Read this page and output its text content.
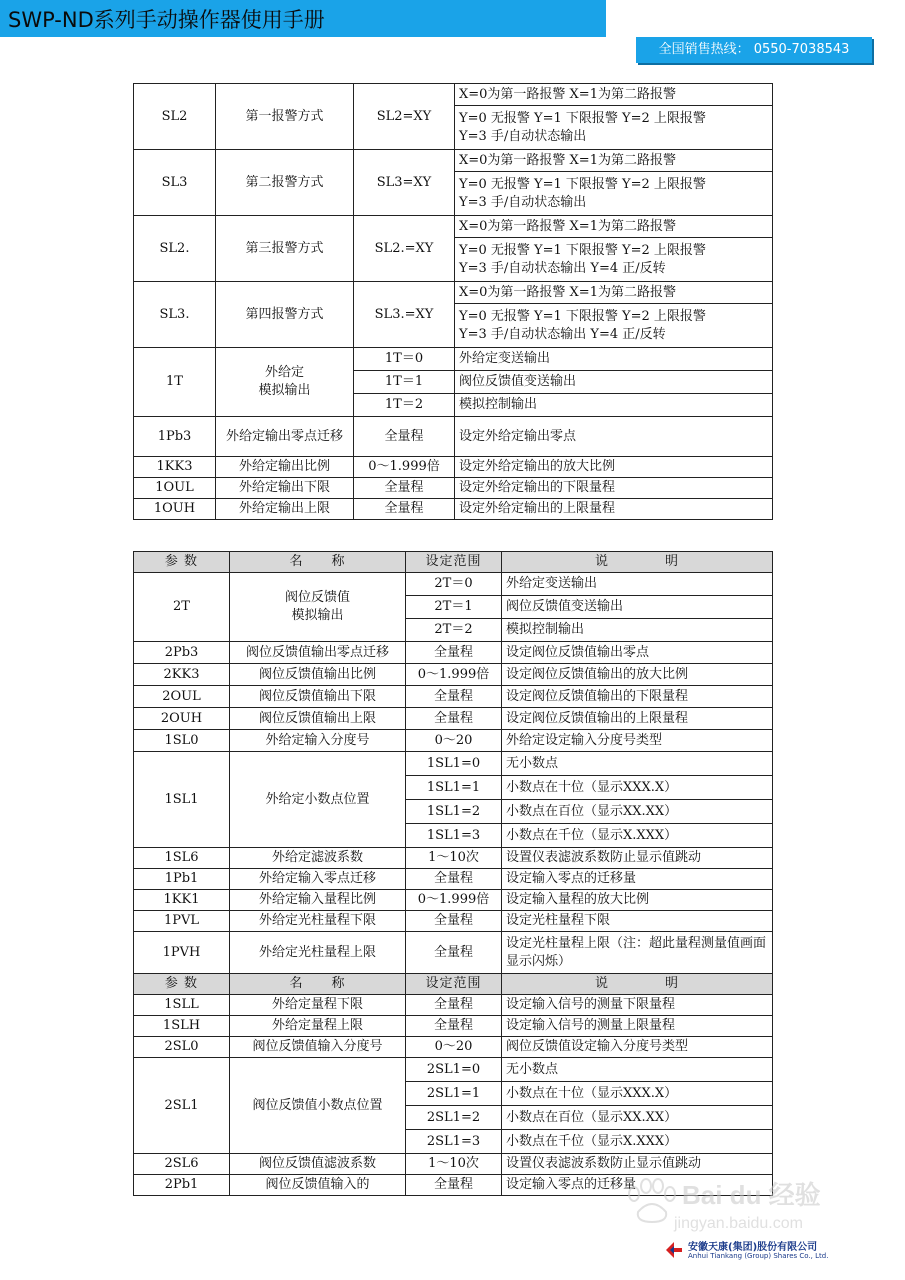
SWP-ND系列手动操作器使用手册
全国销售热线： 0550-7038543
SL2	第一报警方式	SL2=XY	X=0为第一路报警 X=1为第二路报警

			Y=0 无报警 Y=1 下限报警 Y=2 上限报警
Y=3 手/自动状态输出

SL3	第二报警方式	SL3=XY	X=0为第一路报警 X=1为第二路报警

			Y=0 无报警 Y=1 下限报警 Y=2 上限报警
Y=3 手/自动状态输出

SL2.	第三报警方式	SL2.=XY	X=0为第一路报警 X=1为第二路报警

			Y=0 无报警 Y=1 下限报警 Y=2 上限报警
Y=3 手/自动状态输出 Y=4 正/反转

SL3.	第四报警方式	SL3.=XY	X=0为第一路报警 X=1为第二路报警

			Y=0 无报警 Y=1 下限报警 Y=2 上限报警
Y=3 手/自动状态输出 Y=4 正/反转

1T	外给定
模拟输出	1T＝0	外给定变送输出
		1T＝1	阀位反馈值变送输出
		1T＝2	模拟控制输出
1Pb3	外给定输出零点迁移	全量程	设定外给定输出零点
1KK3	外给定输出比例	0～1.999倍	设定外给定输出的放大比例
1OUL	外给定输出下限	全量程	设定外给定输出的下限量程
1OUH	外给定输出上限	全量程	设定外给定输出的上限量程
参 数	名　　称	设定范围	说　　　　明
2T	阀位反馈值
模拟输出	2T＝0	外给定变送输出
		2T＝1	阀位反馈值变送输出
		2T＝2	模拟控制输出
2Pb3	阀位反馈值输出零点迁移	全量程	设定阀位反馈值输出零点
2KK3	阀位反馈值输出比例	0～1.999倍	设定阀位反馈值输出的放大比例
2OUL	阀位反馈值输出下限	全量程	设定阀位反馈值输出的下限量程
2OUH	阀位反馈值输出上限	全量程	设定阀位反馈值输出的上限量程
1SL0	外给定输入分度号	0～20	外给定设定输入分度号类型
1SL1	外给定小数点位置	1SL1=0	无小数点
		1SL1=1	小数点在十位（显示XXX.X）
		1SL1=2	小数点在百位（显示XX.XX）
		1SL1=3	小数点在千位（显示X.XXX）
1SL6	外给定滤波系数	1～10次	设置仪表滤波系数防止显示值跳动
1Pb1	外给定输入零点迁移	全量程	设定输入零点的迁移量
1KK1	外给定输入量程比例	0～1.999倍	设定输入量程的放大比例
1PVL	外给定光柱量程下限	全量程	设定光柱量程下限
1PVH	外给定光柱量程上限	全量程	设定光柱量程上限（注：超此量程测量值画面显示闪烁）
参 数	名　　称	设定范围	说　　　　明
1SLL	外给定量程下限	全量程	设定输入信号的测量下限量程
1SLH	外给定量程上限	全量程	设定输入信号的测量上限量程
2SL0	阀位反馈值输入分度号	0～20	阀位反馈值设定输入分度号类型
2SL1	阀位反馈值小数点位置	2SL1=0	无小数点
		2SL1=1	小数点在十位（显示XXX.X）
		2SL1=2	小数点在百位（显示XX.XX）
		2SL1=3	小数点在千位（显示X.XXX）
2SL6	阀位反馈值滤波系数	1～10次	设置仪表滤波系数防止显示值跳动
2Pb1	阀位反馈值输入的	全量程	设定输入零点的迁移量 Bai du 经验
jingyan.baidu.com
安徽天康(集团)股份有限公司
Anhui Tiankang (Group) Shares Co., Ltd.
